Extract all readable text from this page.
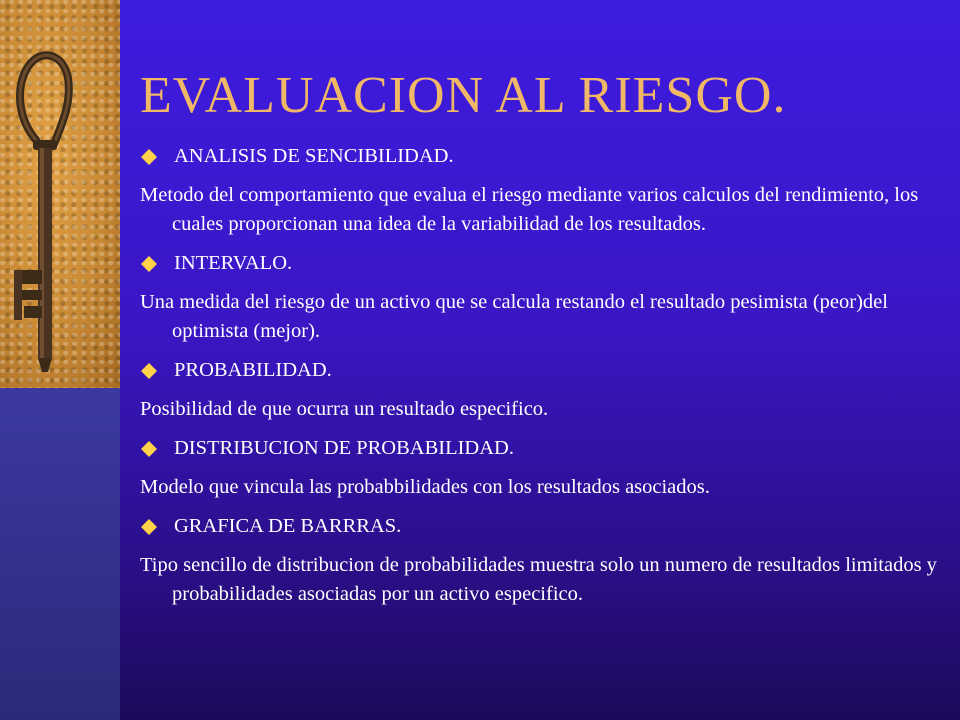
EVALUACION AL RIESGO.
ANALISIS DE SENCIBILIDAD.

Metodo del comportamiento que evalua el riesgo mediante varios calculos del rendimiento, los cuales proporcionan una idea de la variabilidad de los resultados.

INTERVALO.

Una medida del riesgo de un activo que se calcula restando el resultado pesimista (peor)del optimista (mejor).

PROBABILIDAD.

Posibilidad de que ocurra un resultado especifico.

DISTRIBUCION DE PROBABILIDAD.

Modelo que vincula las probabbilidades con los resultados asociados.

GRAFICA DE BARRRAS.

Tipo sencillo de distribucion de probabilidades muestra solo un numero de resultados limitados y probabilidades asociadas por un activo especifico.
